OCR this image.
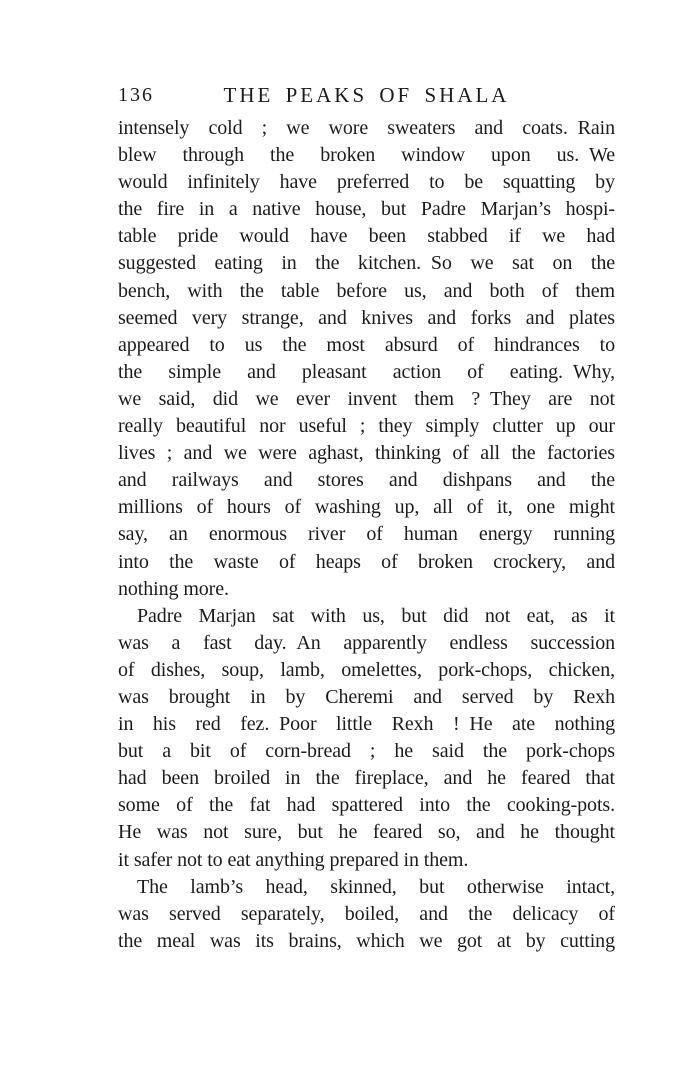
136	THE PEAKS OF SHALA
intensely cold ; we wore sweaters and coats. Rain
blew through the broken window upon us. We
would infinitely have preferred to be squatting by
the fire in a native house, but Padre Marjan’s hospi-
table pride would have been stabbed if we had
suggested eating in the kitchen. So we sat on the
bench, with the table before us, and both of them
seemed very strange, and knives and forks and plates
appeared to us the most absurd of hindrances to
the simple and pleasant action of eating. Why,
we said, did we ever invent them ? They are not
really beautiful nor useful ; they simply clutter up our
lives ; and we were aghast, thinking of all the factories
and railways and stores and dishpans and the
millions of hours of washing up, all of it, one might
say, an enormous river of human energy running
into the waste of heaps of broken crockery, and
nothing more.
Padre Marjan sat with us, but did not eat, as it
was a fast day. An apparently endless succession
of dishes, soup, lamb, omelettes, pork-chops, chicken,
was brought in by Cheremi and served by Rexh
in his red fez. Poor little Rexh ! He ate nothing
but a bit of corn-bread ; he said the pork-chops
had been broiled in the fireplace, and he feared that
some of the fat had spattered into the cooking-pots.
He was not sure, but he feared so, and he thought
it safer not to eat anything prepared in them.
The lamb’s head, skinned, but otherwise intact,
was served separately, boiled, and the delicacy of
the meal was its brains, which we got at by cutting
